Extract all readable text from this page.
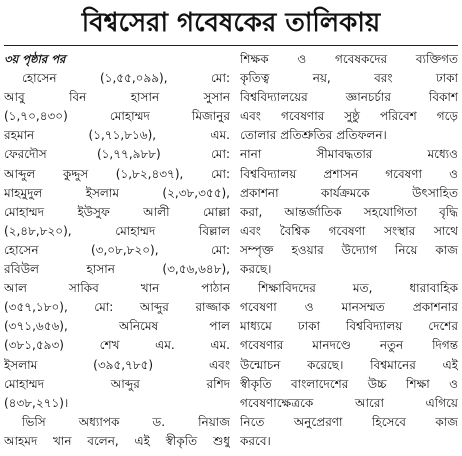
বিশ্বসেরা গবেষকের তালিকায়
৩য় পৃষ্ঠার পর
হোসেন (১,৫৫,০৯৯), মো:
আবু বিন হাসান সুসান
(১,৭০,৪৩০) মোহাম্মদ মিজানুর
রহমান (১,৭১,৮১৬), এম.
ফেরদৌস (১,৭৭,৯৮৮) মো:
আব্দুল কুদ্দুস (১,৮২,৪৩৭), মো:
মাহমুদুল ইসলাম (২,৩৮,৩৫৫),
মোহাম্মদ ইউসুফ আলী মোল্লা
(২,৪৮,৮২০), মোহাম্মদ বিল্লাল
হোসেন (৩,০৮,৮২০), মো:
রবিউল হাসান (৩,৫৬,৬৪৮),
আল সাকিব খান পাঠান
(৩৫৭,১৮০), মো: আব্দুর রাজ্জাক
(৩৭১,৬৫৬), অনিমেষ পাল
(৩৮১,৫৯৩) শেখ এম. এম.
ইসলাম (৩৯৫,৭৮৫) এবং
মোহাম্মদ আব্দুর রশিদ
(৪৩৮,২৭১)।
ভিসি অধ্যাপক ড. নিয়াজ
আহমদ খান বলেন, এই স্বীকৃতি শুধু
শিক্ষক ও গবেষকদের ব্যক্তিগত
কৃতিত্ব নয়, বরং ঢাকা
বিশ্ববিদ্যালয়ের জ্ঞানচর্চার বিকাশ
এবং গবেষণার সুষ্ঠু পরিবেশ গড়ে
তোলার প্রতিশ্রুতির প্রতিফলন।
নানা সীমাবদ্ধতার মধ্যেও
বিশ্ববিদ্যালয় প্রশাসন গবেষণা ও
প্রকাশনা কার্যক্রমকে উৎসাহিত
করা, আন্তর্জাতিক সহযোগিতা বৃদ্ধি
এবং বৈশ্বিক গবেষণা সংস্থার সাথে
সম্পৃক্ত হওয়ার উদ্যোগ নিয়ে কাজ
করছে।
শিক্ষাবিদদের মত, ধারাবাহিক
গবেষণা ও মানসম্মত প্রকাশনার
মাধ্যমে ঢাকা বিশ্ববিদ্যালয় দেশের
গবেষণার মানদণ্ডে নতুন দিগন্ত
উন্মোচন করেছে। বিশ্বমানের এই
স্বীকৃতি বাংলাদেশের উচ্চ শিক্ষা ও
গবেষণাক্ষেত্রকে আরো এগিয়ে
নিতে অনুপ্রেরণা হিসেবে কাজ
করবে।
